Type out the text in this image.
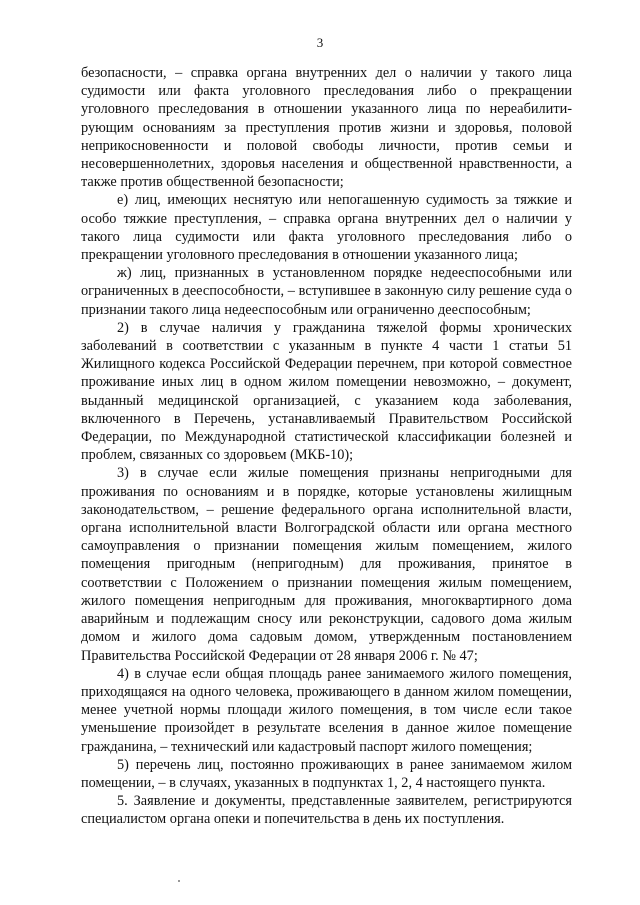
3

безопасности, – справка органа внутренних дел о наличии у такого лица судимости или факта уголовного преследования либо о прекращении уголовного преследования в отношении указанного лица по нереабилитирующим основаниям за преступления против жизни и здоровья, половой неприкосновенности и половой свободы личности, против семьи и несовершеннолетних, здоровья населения и общественной нравственности, а также против общественной безопасности;

е) лиц, имеющих неснятую или непогашенную судимость за тяжкие и особо тяжкие преступления, – справка органа внутренних дел о наличии у такого лица судимости или факта уголовного преследования либо о прекращении уголовного преследования в отношении указанного лица;

ж) лиц, признанных в установленном порядке недееспособными или ограниченных в дееспособности, – вступившее в законную силу решение суда о признании такого лица недееспособным или ограниченно дееспособным;

2) в случае наличия у гражданина тяжелой формы хронических заболеваний в соответствии с указанным в пункте 4 части 1 статьи 51 Жилищного кодекса Российской Федерации перечнем, при которой совместное проживание иных лиц в одном жилом помещении невозможно, – документ, выданный медицинской организацией, с указанием кода заболевания, включенного в Перечень, устанавливаемый Правительством Российской Федерации, по Международной статистической классификации болезней и проблем, связанных со здоровьем (МКБ-10);

3) в случае если жилые помещения признаны непригодными для проживания по основаниям и в порядке, которые установлены жилищным законодательством, – решение федерального органа исполнительной власти, органа исполнительной власти Волгоградской области или органа местного самоуправления о признании помещения жилым помещением, жилого помещения пригодным (непригодным) для проживания, принятое в соответствии с Положением о признании помещения жилым помещением, жилого помещения непригодным для проживания, многоквартирного дома аварийным и подлежащим сносу или реконструкции, садового дома жилым домом и жилого дома садовым домом, утвержденным постановлением Правительства Российской Федерации от 28 января 2006 г. № 47;

4) в случае если общая площадь ранее занимаемого жилого помещения, приходящаяся на одного человека, проживающего в данном жилом помещении, менее учетной нормы площади жилого помещения, в том числе если такое уменьшение произойдет в результате вселения в данное жилое помещение гражданина, – технический или кадастровый паспорт жилого помещения;

5) перечень лиц, постоянно проживающих в ранее занимаемом жилом помещении, – в случаях, указанных в подпунктах 1, 2, 4 настоящего пункта.

5. Заявление и документы, представленные заявителем, регистрируются специалистом органа опеки и попечительства в день их поступления.
